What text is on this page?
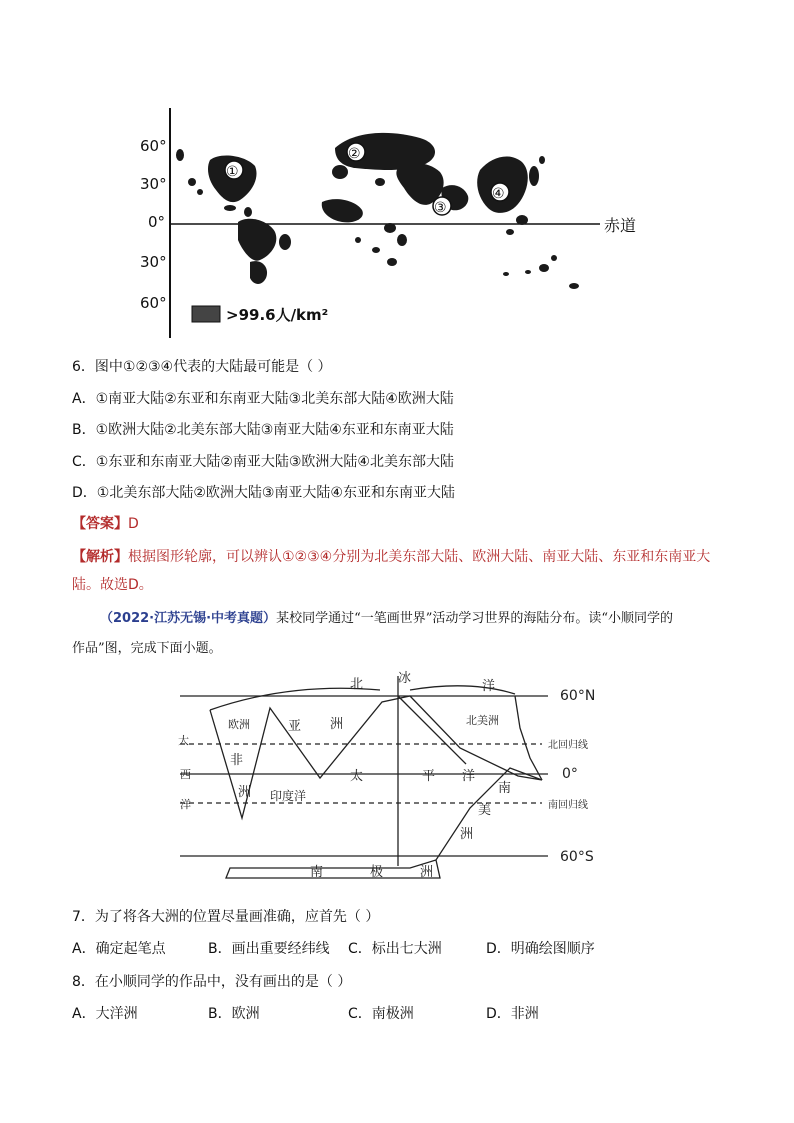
60°
30°
0°
30°
60°
赤道
①
②
③
④
>99.6人/km²
6．图中①②③④代表的大陆最可能是（ ）
A．①南亚大陆②东亚和东南亚大陆③北美东部大陆④欧洲大陆
B．①欧洲大陆②北美东部大陆③南亚大陆④东亚和东南亚大陆
C．①东亚和东南亚大陆②南亚大陆③欧洲大陆④北美东部大陆
D．①北美东部大陆②欧洲大陆③南亚大陆④东亚和东南亚大陆
【答案】D
【解析】根据图形轮廓，可以辨认①②③④分别为北美东部大陆、欧洲大陆、南亚大陆、东亚和东南亚大
陆。故选D。
（2022·江苏无锡·中考真题）某校同学通过“一笔画世界”活动学习世界的海陆分布。读“小顺同学的
作品”图，完成下面小题。
60°N
0°
60°S
北回归线
南回归线
北	冰
洋
欧洲	亚 洲	北美洲
大
西
洋
太	平 洋
非
洲 印度洋	南
美
洲
南	极	洲
7．为了将各大洲的位置尽量画准确，应首先（ ）
A．确定起笔点	B．画出重要经纬线 C．标出七大洲	D．明确绘图顺序
8．在小顺同学的作品中，没有画出的是（ ）
A．大洋洲	B．欧洲	C．南极洲	D．非洲
